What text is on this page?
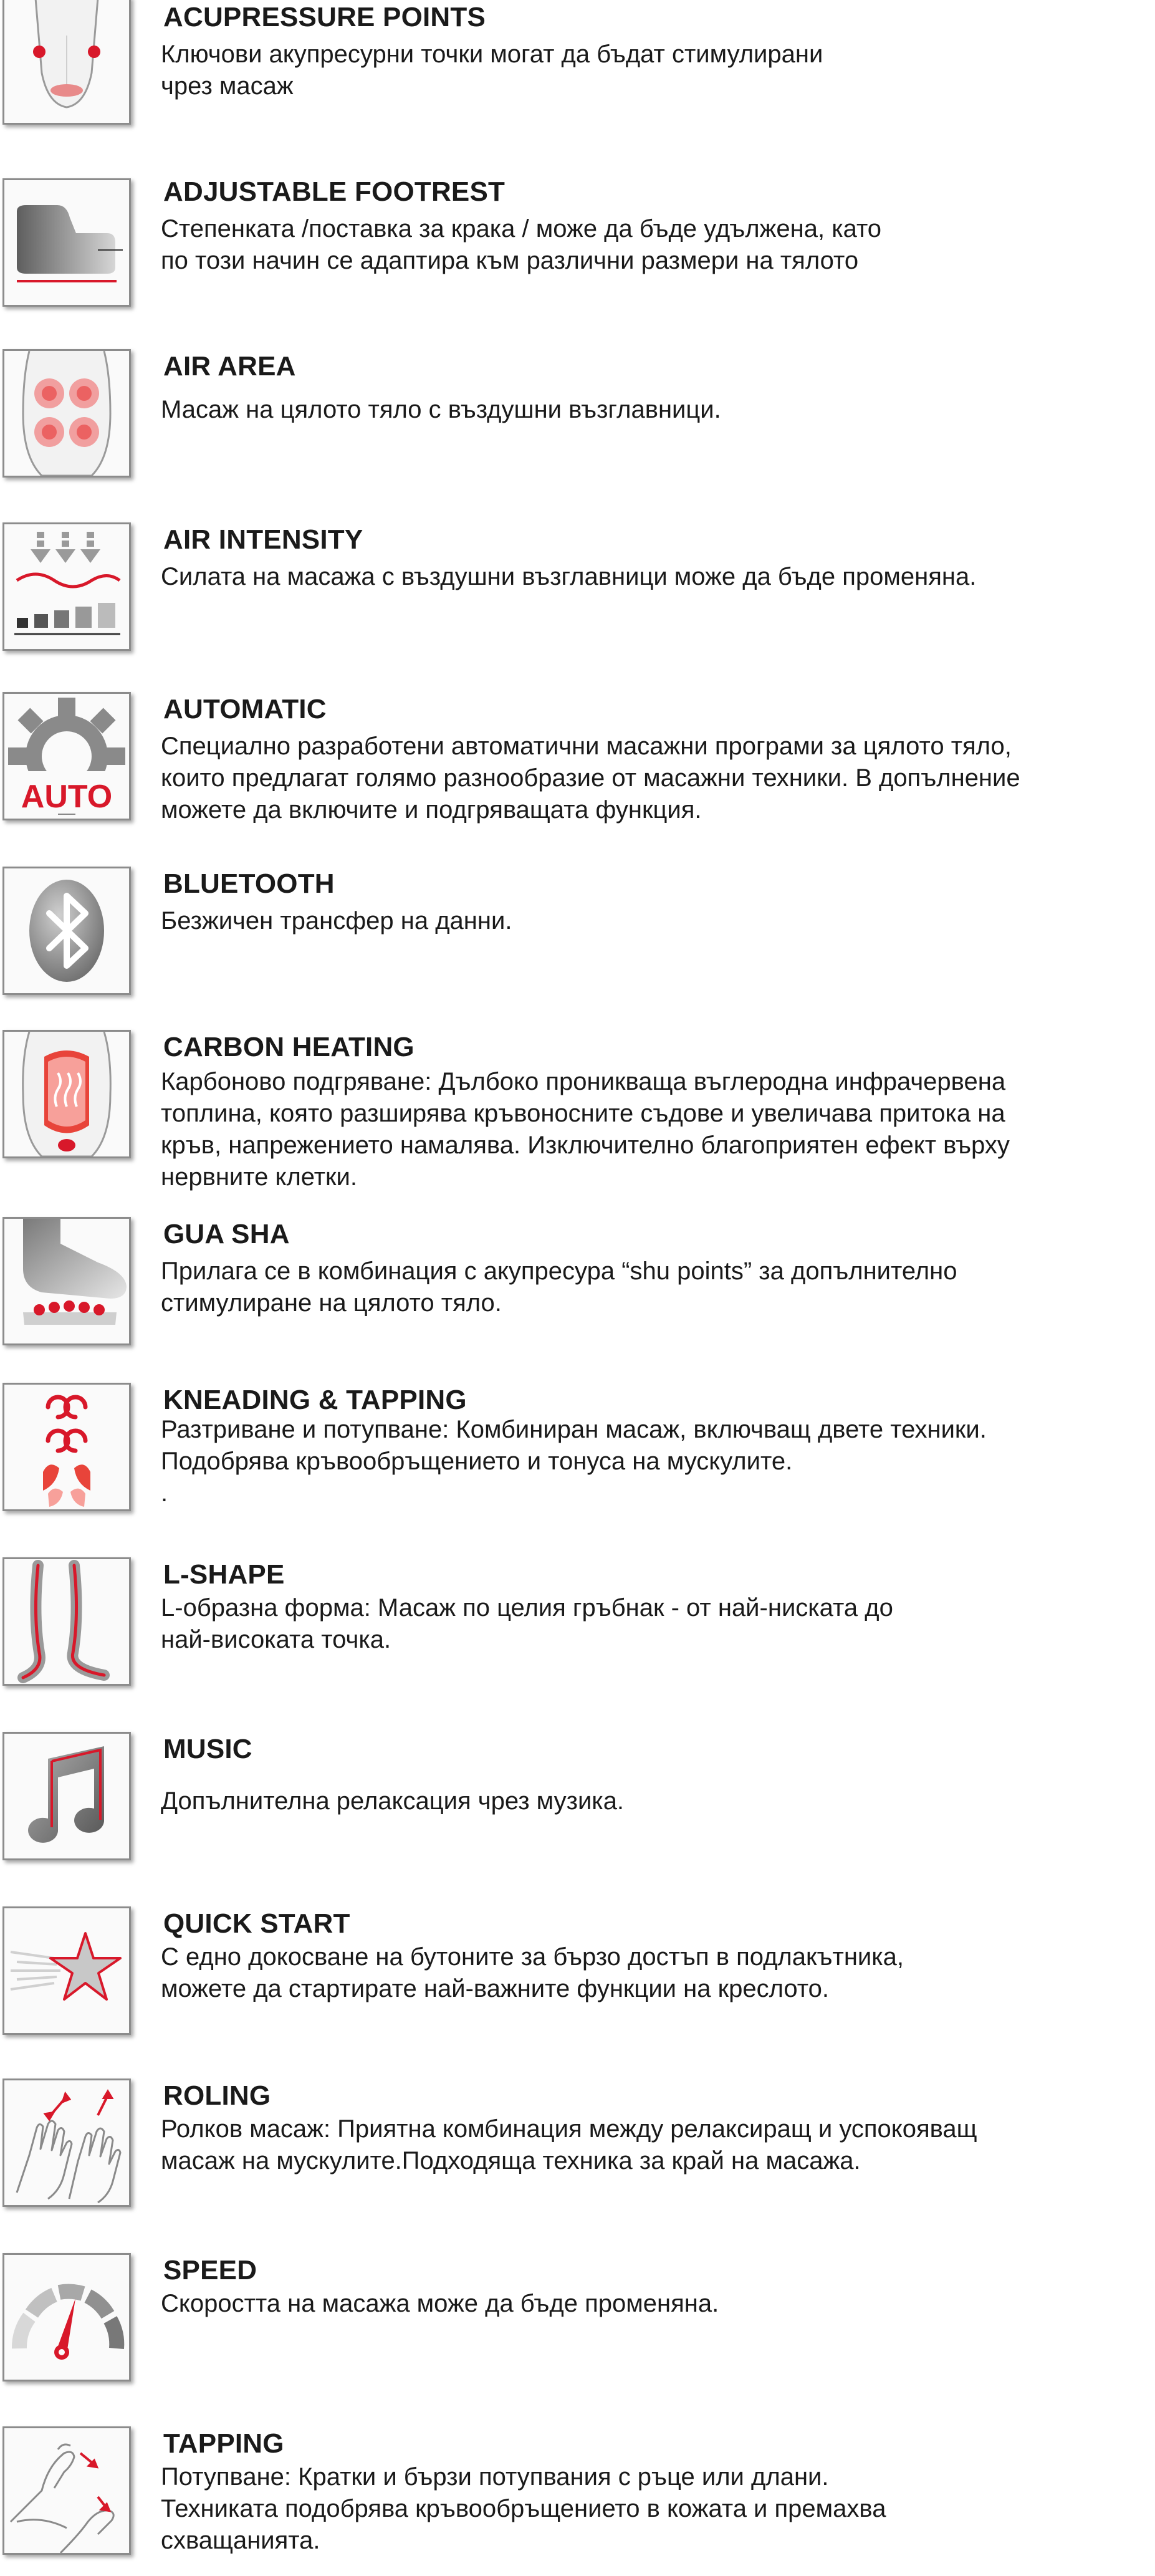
ACUPRESSURE POINTS

Ключови акупресурни точки могат да бъдат стимулирани
чрез масаж

ADJUSTABLE FOOTREST

Степенката /поставка за крака / може да бъде удължена, като
по този начин се адаптира към различни размери на тялото

AIR AREA

Масаж на цялото тяло с въздушни възглавници.

AIR INTENSITY

Силата на масажа с въздушни възглавници може да бъде променяна.

AUTO
AUTOMATIC

Специално разработени автоматични масажни програми за цялото тяло,
които предлагат голямо разнообразие от масажни техники. В допълнение
можете да включите и подгряващата функция.

BLUETOOTH

Безжичен трансфер на данни.

CARBON HEATING

Карбоново подгряване: Дълбоко проникваща въглеродна инфрачервена
топлина, която разширява кръвоносните съдове и увеличава притока на
кръв, напрежението намалява. Изключително благоприятен ефект върху
нервните клетки.

GUA SHA

Прилага се в комбинация с акупресура “shu points” за допълнително
стимулиране на цялото тяло.

KNEADING & TAPPING

Разтриване и потупване: Комбиниран масаж, включващ двете техники.
Подобрява кръвообръщението и тонуса на мускулите.
.

L-SHAPE

L-образна форма: Масаж по целия гръбнак - от най-ниската до
най-високата точка.

MUSIC

Допълнителна релаксация чрез музика.

QUICK START

С едно докосване на бутоните за бързо достъп в подлакътника,
можете да стартирате най-важните функции на креслото.

ROLING

Ролков масаж: Приятна комбинация между релаксиращ и успокояващ
масаж на мускулите.Подходяща техника за край на масажа.

SPEED

Скоростта на масажа може да бъде променяна.

TAPPING

Потупване: Кратки и бързи потупвания с ръце или длани.
Техниката подобрява кръвообръщението в кожата и премахва
схващанията.
